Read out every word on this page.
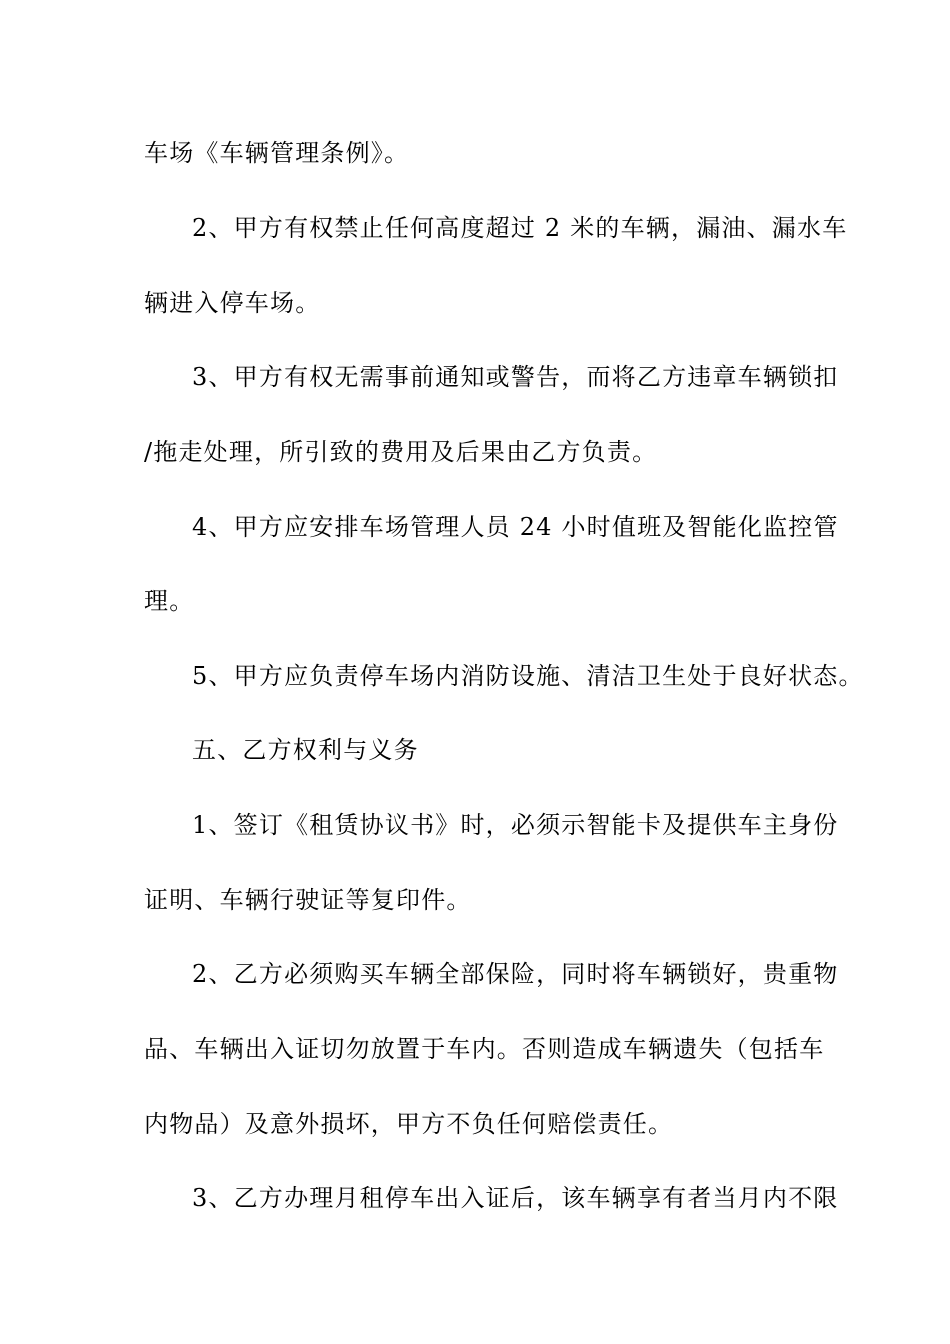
车场《车辆管理条例》。

2、甲方有权禁止任何高度超过 2 米的车辆，漏油、漏水车

辆进入停车场。

3、甲方有权无需事前通知或警告，而将乙方违章车辆锁扣

/拖走处理，所引致的费用及后果由乙方负责。

4、甲方应安排车场管理人员 24 小时值班及智能化监控管

理。

5、甲方应负责停车场内消防设施、清洁卫生处于良好状态。

五、乙方权利与义务

1、签订《租赁协议书》时，必须示智能卡及提供车主身份

证明、车辆行驶证等复印件。

2、乙方必须购买车辆全部保险，同时将车辆锁好，贵重物

品、车辆出入证切勿放置于车内。否则造成车辆遗失（包括车

内物品）及意外损坏，甲方不负任何赔偿责任。

3、乙方办理月租停车出入证后，该车辆享有者当月内不限
